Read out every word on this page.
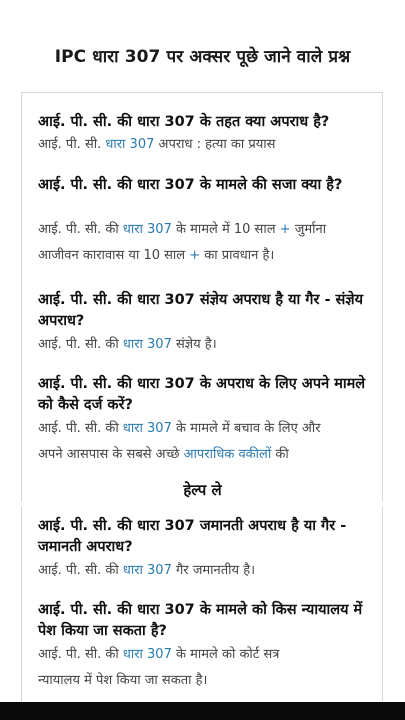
IPC धारा 307 पर अक्सर पूछे जाने वाले प्रश्न
आई. पी. सी. की धारा 307 के तहत क्या अपराध है?
आई. पी. सी. धारा 307 अपराध : हत्या का प्रयास
आई. पी. सी. की धारा 307 के मामले की सजा क्या है?
आई. पी. सी. की धारा 307 के मामले में 10 साल + जुर्माना
आजीवन कारावास या 10 साल + का प्रावधान है।
आई. पी. सी. की धारा 307 संज्ञेय अपराध है या गैर - संज्ञेय अपराध?
आई. पी. सी. की धारा 307 संज्ञेय है।
आई. पी. सी. की धारा 307 के अपराध के लिए अपने मामले को कैसे दर्ज करें?
आई. पी. सी. की धारा 307 के मामले में बचाव के लिए और
अपने आसपास के सबसे अच्छे आपराधिक वकीलों की
हेल्प ले
आई. पी. सी. की धारा 307 जमानती अपराध है या गैर - जमानती अपराध?
आई. पी. सी. की धारा 307 गैर जमानतीय है।
आई. पी. सी. की धारा 307 के मामले को किस न्यायालय में पेश किया जा सकता है?
आई. पी. सी. की धारा 307 के मामले को कोर्ट सत्र
न्यायालय में पेश किया जा सकता है।
